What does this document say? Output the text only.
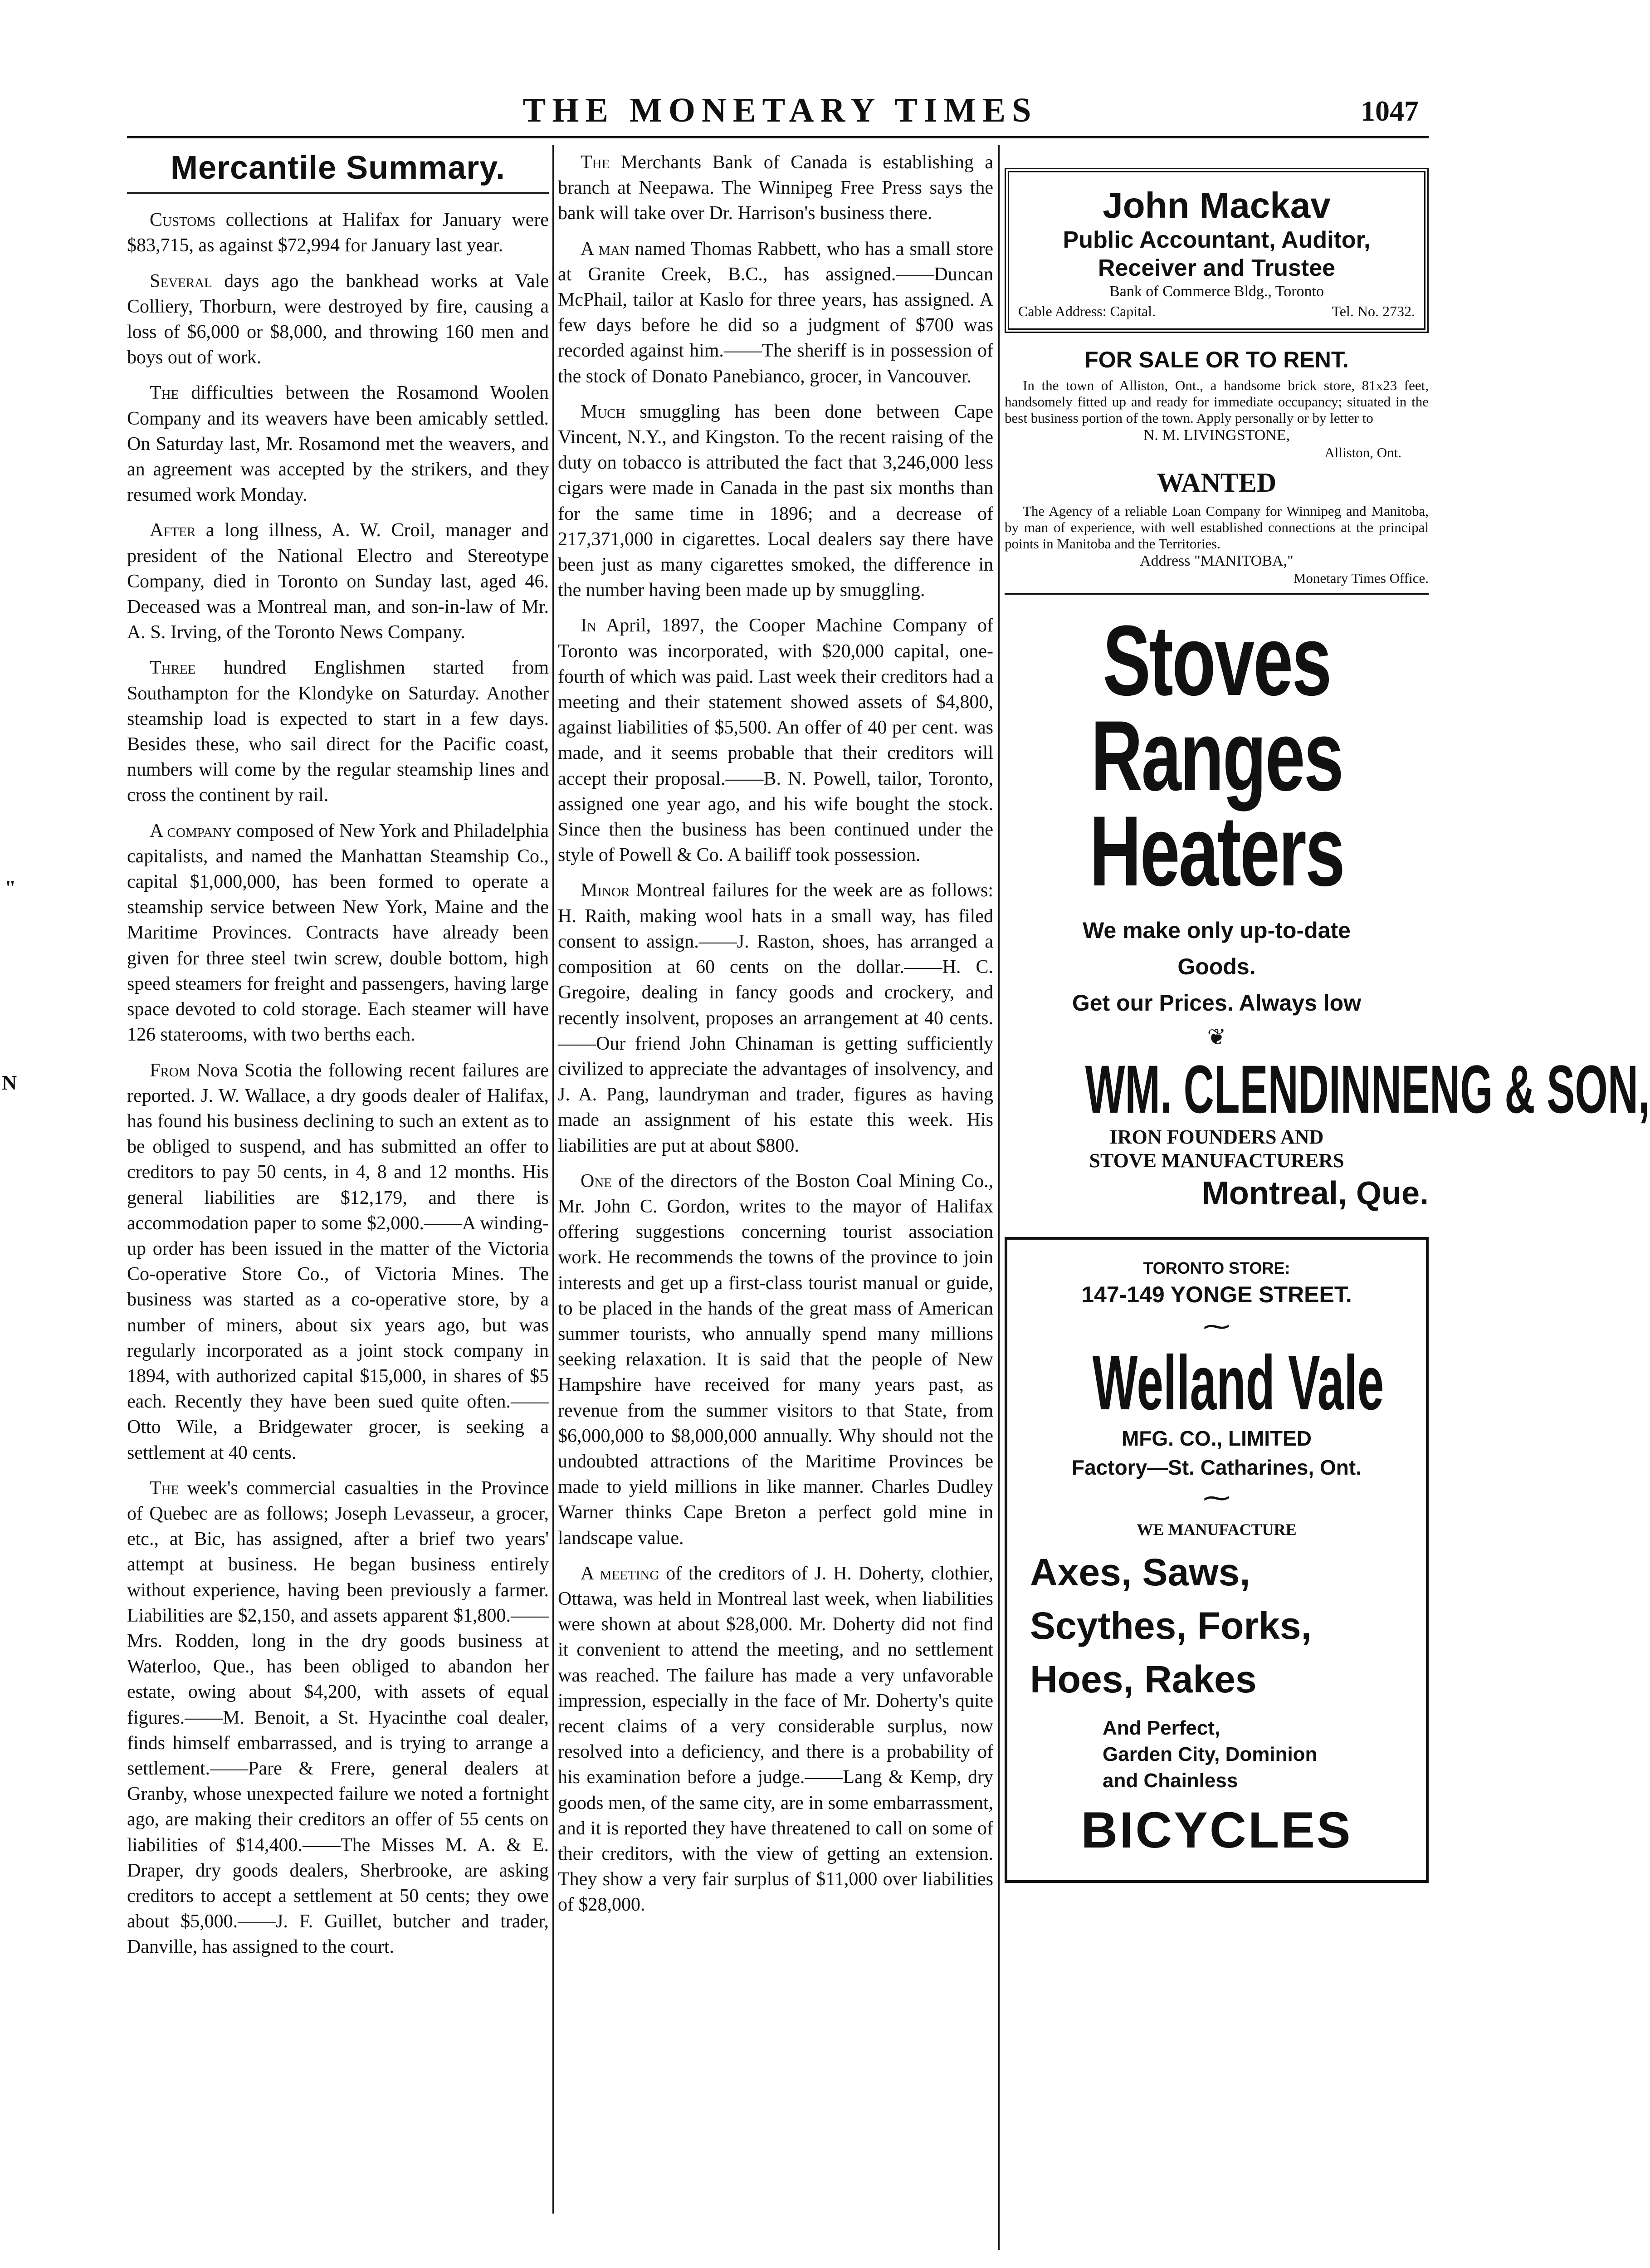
THE MONETARY TIMES	1047
N
"
Mercantile Summary.

Customs collections at Halifax for January were $83,715, as against $72,994 for January last year.

Several days ago the bankhead works at Vale Colliery, Thorburn, were destroyed by fire, causing a loss of $6,000 or $8,000, and throwing 160 men and boys out of work.

The difficulties between the Rosamond Woolen Company and its weavers have been amicably settled. On Saturday last, Mr. Rosamond met the weavers, and an agreement was accepted by the strikers, and they resumed work Monday.

After a long illness, A. W. Croil, manager and president of the National Electro and Stereotype Company, died in Toronto on Sunday last, aged 46. Deceased was a Montreal man, and son-in-law of Mr. A. S. Irving, of the Toronto News Company.

Three hundred Englishmen started from Southampton for the Klondyke on Saturday. Another steamship load is expected to start in a few days. Besides these, who sail direct for the Pacific coast, numbers will come by the regular steamship lines and cross the continent by rail.

A company composed of New York and Philadelphia capitalists, and named the Manhattan Steamship Co., capital $1,000,000, has been formed to operate a steamship service between New York, Maine and the Maritime Provinces. Contracts have already been given for three steel twin screw, double bottom, high speed steamers for freight and passengers, having large space devoted to cold storage. Each steamer will have 126 staterooms, with two berths each.

From Nova Scotia the following recent failures are reported. J. W. Wallace, a dry goods dealer of Halifax, has found his business declining to such an extent as to be obliged to suspend, and has submitted an offer to creditors to pay 50 cents, in 4, 8 and 12 months. His general liabilities are $12,179, and there is accommodation paper to some $2,000.——A winding-up order has been issued in the matter of the Victoria Co-operative Store Co., of Victoria Mines. The business was started as a co-operative store, by a number of miners, about six years ago, but was regularly incorporated as a joint stock company in 1894, with authorized capital $15,000, in shares of $5 each. Recently they have been sued quite often.——Otto Wile, a Bridgewater grocer, is seeking a settlement at 40 cents.

The week's commercial casualties in the Province of Quebec are as follows; Joseph Levasseur, a grocer, etc., at Bic, has assigned, after a brief two years' attempt at business. He began business entirely without experience, having been previously a farmer. Liabilities are $2,150, and assets apparent $1,800.——Mrs. Rodden, long in the dry goods business at Waterloo, Que., has been obliged to abandon her estate, owing about $4,200, with assets of equal figures.——M. Benoit, a St. Hyacinthe coal dealer, finds himself embarrassed, and is trying to arrange a settlement.——Pare & Frere, general dealers at Granby, whose unexpected failure we noted a fortnight ago, are making their creditors an offer of 55 cents on liabilities of $14,400.——The Misses M. A. & E. Draper, dry goods dealers, Sherbrooke, are asking creditors to accept a settlement at 50 cents; they owe about $5,000.——J. F. Guillet, butcher and trader, Danville, has assigned to the court.

The Merchants Bank of Canada is establishing a branch at Neepawa. The Winnipeg Free Press says the bank will take over Dr. Harrison's business there.

A man named Thomas Rabbett, who has a small store at Granite Creek, B.C., has assigned.——Duncan McPhail, tailor at Kaslo for three years, has assigned. A few days before he did so a judgment of $700 was recorded against him.——The sheriff is in possession of the stock of Donato Panebianco, grocer, in Vancouver.

Much smuggling has been done between Cape Vincent, N.Y., and Kingston. To the recent raising of the duty on tobacco is attributed the fact that 3,246,000 less cigars were made in Canada in the past six months than for the same time in 1896; and a decrease of 217,371,000 in cigarettes. Local dealers say there have been just as many cigarettes smoked, the difference in the number having been made up by smuggling.

In April, 1897, the Cooper Machine Company of Toronto was incorporated, with $20,000 capital, one-fourth of which was paid. Last week their creditors had a meeting and their statement showed assets of $4,800, against liabilities of $5,500. An offer of 40 per cent. was made, and it seems probable that their creditors will accept their proposal.——B. N. Powell, tailor, Toronto, assigned one year ago, and his wife bought the stock. Since then the business has been continued under the style of Powell & Co. A bailiff took possession.

Minor Montreal failures for the week are as follows: H. Raith, making wool hats in a small way, has filed consent to assign.——J. Raston, shoes, has arranged a composition at 60 cents on the dollar.——H. C. Gregoire, dealing in fancy goods and crockery, and recently insolvent, proposes an arrangement at 40 cents.——Our friend John Chinaman is getting sufficiently civilized to appreciate the advantages of insolvency, and J. A. Pang, laundryman and trader, figures as having made an assignment of his estate this week. His liabilities are put at about $800.

One of the directors of the Boston Coal Mining Co., Mr. John C. Gordon, writes to the mayor of Halifax offering suggestions concerning tourist association work. He recommends the towns of the province to join interests and get up a first-class tourist manual or guide, to be placed in the hands of the great mass of American summer tourists, who annually spend many millions seeking relaxation. It is said that the people of New Hampshire have received for many years past, as revenue from the summer visitors to that State, from $6,000,000 to $8,000,000 annually. Why should not the undoubted attractions of the Maritime Provinces be made to yield millions in like manner. Charles Dudley Warner thinks Cape Breton a perfect gold mine in landscape value.

A meeting of the creditors of J. H. Doherty, clothier, Ottawa, was held in Montreal last week, when liabilities were shown at about $28,000. Mr. Doherty did not find it convenient to attend the meeting, and no settlement was reached. The failure has made a very unfavorable impression, especially in the face of Mr. Doherty's quite recent claims of a very considerable surplus, now resolved into a deficiency, and there is a probability of his examination before a judge.——Lang & Kemp, dry goods men, of the same city, are in some embarrassment, and it is reported they have threatened to call on some of their creditors, with the view of getting an extension. They show a very fair surplus of $11,000 over liabilities of $28,000.

John Mackav
Public Accountant, Auditor, Receiver and Trustee
Bank of Commerce Bldg., Toronto
Cable Address: Capital.	Tel. No. 2732.
FOR SALE OR TO RENT.
In the town of Alliston, Ont., a handsome brick store, 81x23 feet, handsomely fitted up and ready for immediate occupancy; situated in the best business portion of the town. Apply personally or by letter to
N. M. LIVINGSTONE,
Alliston, Ont.
WANTED
The Agency of a reliable Loan Company for Winnipeg and Manitoba, by man of experience, with well established connections at the principal points in Manitoba and the Territories.
Address "MANITOBA,"
Monetary Times Office.
Stoves
Ranges
Heaters
We make only up-to-date
Goods.
Get our Prices. Always low
❦
WM. CLENDINNENG & SON,
IRON FOUNDERS AND
STOVE MANUFACTURERS
Montreal, Que.
TORONTO STORE:
147-149 YONGE STREET.
⁓
Welland Vale
MFG. CO., LIMITED
Factory—St. Catharines, Ont.
⁓
WE MANUFACTURE
Axes, Saws,
Scythes, Forks,
Hoes, Rakes
And Perfect,
Garden City, Dominion
and Chainless
BICYCLES
